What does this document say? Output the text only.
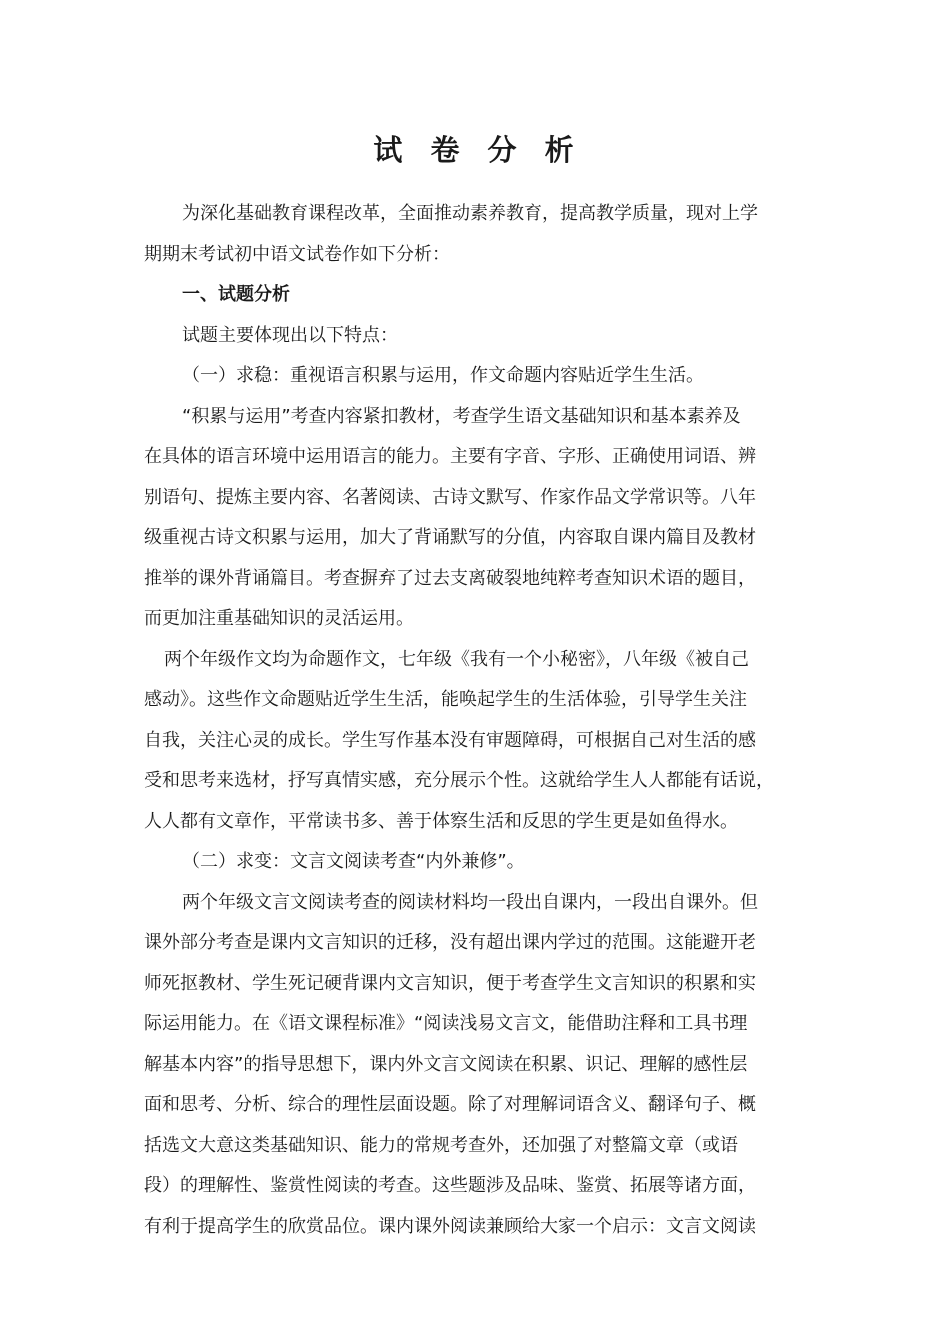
试 卷 分 析
为深化基础教育课程改革，全面推动素养教育，提高教学质量，现对上学
期期末考试初中语文试卷作如下分析：
一、试题分析
试题主要体现出以下特点：
（一）求稳：重视语言积累与运用，作文命题内容贴近学生生活。
“积累与运用”考查内容紧扣教材，考查学生语文基础知识和基本素养及
在具体的语言环境中运用语言的能力。主要有字音、字形、正确使用词语、辨
别语句、提炼主要内容、名著阅读、古诗文默写、作家作品文学常识等。八年
级重视古诗文积累与运用，加大了背诵默写的分值，内容取自课内篇目及教材
推举的课外背诵篇目。考查摒弃了过去支离破裂地纯粹考查知识术语的题目，
而更加注重基础知识的灵活运用。
两个年级作文均为命题作文，七年级《我有一个小秘密》，八年级《被自己
感动》。这些作文命题贴近学生生活，能唤起学生的生活体验，引导学生关注
自我，关注心灵的成长。学生写作基本没有审题障碍，可根据自己对生活的感
受和思考来选材，抒写真情实感，充分展示个性。这就给学生人人都能有话说，
人人都有文章作，平常读书多、善于体察生活和反思的学生更是如鱼得水。
（二）求变：文言文阅读考查“内外兼修”。
两个年级文言文阅读考查的阅读材料均一段出自课内，一段出自课外。但
课外部分考查是课内文言知识的迁移，没有超出课内学过的范围。这能避开老
师死抠教材、学生死记硬背课内文言知识，便于考查学生文言知识的积累和实
际运用能力。在《语文课程标准》“阅读浅易文言文，能借助注释和工具书理
解基本内容”的指导思想下，课内外文言文阅读在积累、识记、理解的感性层
面和思考、分析、综合的理性层面设题。除了对理解词语含义、翻译句子、概
括选文大意这类基础知识、能力的常规考查外，还加强了对整篇文章（或语
段）的理解性、鉴赏性阅读的考查。这些题涉及品味、鉴赏、拓展等诸方面，
有利于提高学生的欣赏品位。课内课外阅读兼顾给大家一个启示：文言文阅读
